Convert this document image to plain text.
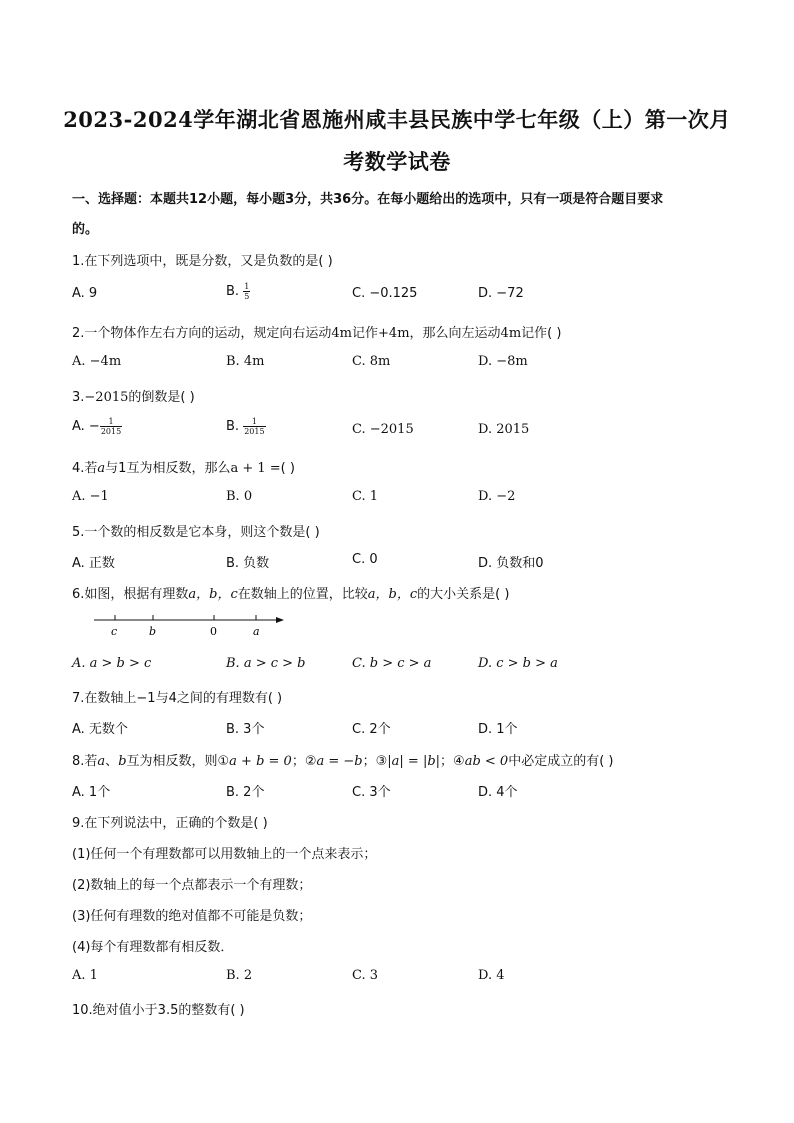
2023-2024学年湖北省恩施州咸丰县民族中学七年级（上）第一次月
考数学试卷
一、选择题：本题共12小题，每小题3分，共36分。在每小题给出的选项中，只有一项是符合题目要求
的。
1.在下列选项中，既是分数，又是负数的是( )
A. 9	B. $\frac{1}{5}$	C. −0.125	D. −72
2.一个物体作左右方向的运动，规定向右运动4m记作+4m，那么向左运动4m记作( )
A. −4m	B. 4m	C. 8m	D. −8m
3.−2015的倒数是( )
A. − $\frac{1}{2015}$	B. $\frac{1}{2015}$	C. −2015	D. 2015
4.若a与1互为相反数，那么a + 1 =( )
A. −1	B. 0	C. 1	D. −2
5.一个数的相反数是它本身，则这个数是( )
A. 正数	B. 负数	C. 0	D. 负数和0
6.如图，根据有理数a，b，c在数轴上的位置，比较a，b，c的大小关系是( )
c	b	0	a
A. a > b > c	B. a > c > b	C. b > c > a	D. c > b > a
7.在数轴上−1与4之间的有理数有( )
A. 无数个	B. 3个	C. 2个	D. 1个
8.若a、b互为相反数，则①a + b = 0；②a = −b；③|a| = |b|；④ab < 0中必定成立的有( )
A. 1个	B. 2个	C. 3个	D. 4个
9.在下列说法中，正确的个数是( )
(1)任何一个有理数都可以用数轴上的一个点来表示；
(2)数轴上的每一个点都表示一个有理数；
(3)任何有理数的绝对值都不可能是负数；
(4)每个有理数都有相反数．
A. 1	B. 2	C. 3	D. 4
10.绝对值小于3.5的整数有( )
